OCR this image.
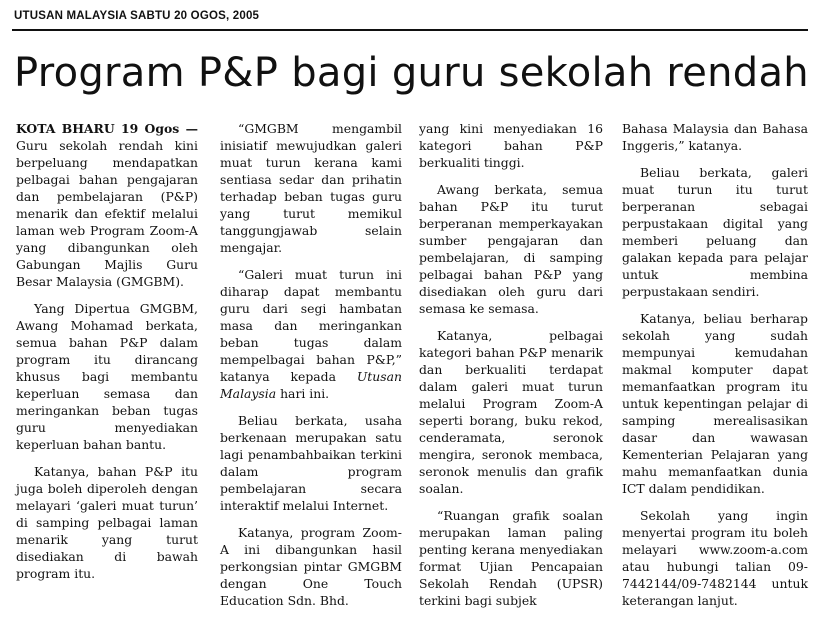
UTUSAN MALAYSIA SABTU 20 OGOS, 2005
Program P&P bagi guru sekolah rendah

KOTA BHARU 19 Ogos — Guru sekolah rendah kini berpeluang mendapatkan pelbagai bahan pengajaran dan pembelajaran (P&P) menarik dan efektif melalui laman web Program Zoom-A yang dibangunkan oleh Gabungan Majlis Guru Besar Malaysia (GMGBM).

Yang Dipertua GMGBM, Awang Mohamad berkata, semua bahan P&P dalam program itu dirancang khusus bagi membantu keperluan semasa dan meringankan beban tugas guru menyediakan keperluan bahan bantu.

Katanya, bahan P&P itu juga boleh diperoleh dengan melayari ‘galeri muat turun’ di samping pelbagai laman menarik yang turut disediakan di bawah program itu.

“GMGBM mengambil inisiatif mewujudkan galeri muat turun kerana kami sentiasa sedar dan prihatin terhadap beban tugas guru yang turut memikul tanggungjawab selain mengajar.

“Galeri muat turun ini diharap dapat membantu guru dari segi hambatan masa dan meringankan beban tugas dalam mempelbagai bahan P&P,” katanya kepada Utusan Malaysia hari ini.

Beliau berkata, usaha berkenaan merupakan satu lagi penambahbaikan terkini dalam program pembelajaran secara interaktif melalui Internet.

Katanya, program Zoom-A ini dibangunkan hasil perkongsian pintar GMGBM dengan One Touch Education Sdn. Bhd.

yang kini menyediakan 16 kategori bahan P&P berkualiti tinggi.

Awang berkata, semua bahan P&P itu turut berperanan memperkayakan sumber pengajaran dan pembelajaran, di samping pelbagai bahan P&P yang disediakan oleh guru dari semasa ke semasa.

Katanya, pelbagai kategori bahan P&P menarik dan berkualiti terdapat dalam galeri muat turun melalui Program Zoom-A seperti borang, buku rekod, cenderamata, seronok mengira, seronok membaca, seronok menulis dan grafik soalan.

“Ruangan grafik soalan merupakan laman paling penting kerana menyediakan format Ujian Pencapaian Sekolah Rendah (UPSR) terkini bagi subjek

Bahasa Malaysia dan Bahasa Inggeris,” katanya.

Beliau berkata, galeri muat turun itu turut berperanan sebagai perpustakaan digital yang memberi peluang dan galakan kepada para pelajar untuk membina perpustakaan sendiri.

Katanya, beliau berharap sekolah yang sudah mempunyai kemudahan makmal komputer dapat memanfaatkan program itu untuk kepentingan pelajar di samping merealisasikan dasar dan wawasan Kementerian Pelajaran yang mahu memanfaatkan dunia ICT dalam pendidikan.

Sekolah yang ingin menyertai program itu boleh melayari www.zoom-a.com atau hubungi talian 09-7442144/09-7482144 untuk keterangan lanjut.
